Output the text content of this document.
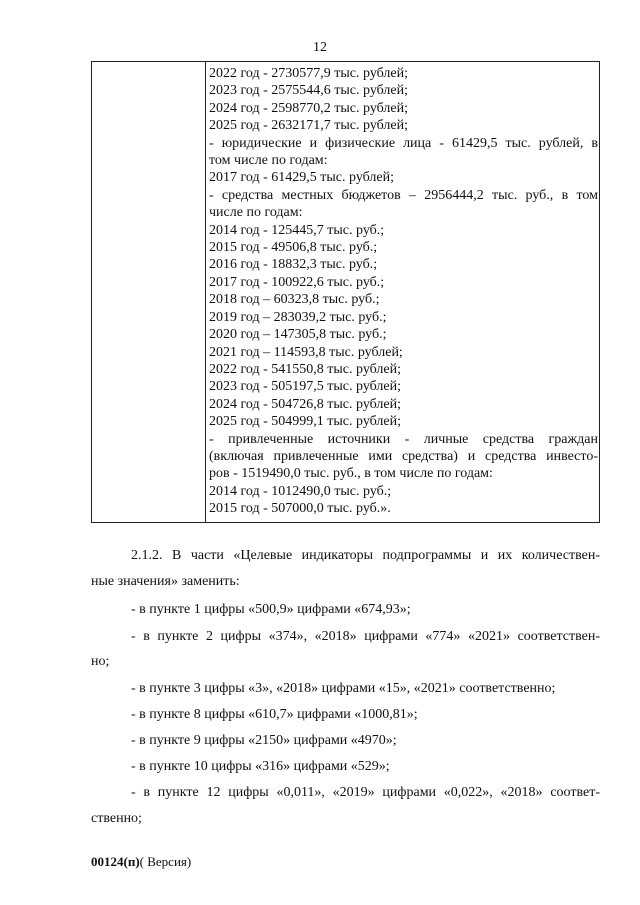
12
2022 год - 2730577,9 тыс. рублей;
2023 год - 2575544,6 тыс. рублей;
2024 год - 2598770,2 тыс. рублей;
2025 год - 2632171,7 тыс. рублей;
- юридические и физические лица - 61429,5 тыс. рублей, в
том числе по годам:
2017 год - 61429,5 тыс. рублей;
- средства местных бюджетов – 2956444,2 тыс. руб., в том
числе по годам:
2014 год - 125445,7 тыс. руб.;
2015 год - 49506,8 тыс. руб.;
2016 год - 18832,3 тыс. руб.;
2017 год - 100922,6 тыс. руб.;
2018 год – 60323,8 тыс. руб.;
2019 год – 283039,2 тыс. руб.;
2020 год – 147305,8 тыс. руб.;
2021 год – 114593,8 тыс. рублей;
2022 год - 541550,8 тыс. рублей;
2023 год - 505197,5 тыс. рублей;
2024 год - 504726,8 тыс. рублей;
2025 год - 504999,1 тыс. рублей;
- привлеченные источники - личные средства граждан
(включая привлеченные ими средства) и средства инвесто-
ров - 1519490,0 тыс. руб., в том числе по годам:
2014 год - 1012490,0 тыс. руб.;
2015 год - 507000,0 тыс. руб.».
2.1.2. В части «Целевые индикаторы подпрограммы и их количествен-
ные значения» заменить:
- в пункте 1 цифры «500,9» цифрами «674,93»;
- в пункте 2 цифры «374», «2018» цифрами «774» «2021» соответствен-
но;
- в пункте 3 цифры «3», «2018» цифрами «15», «2021» соответственно;
- в пункте 8 цифры «610,7» цифрами «1000,81»;
- в пункте 9 цифры «2150» цифрами «4970»;
- в пункте 10 цифры «316» цифрами «529»;
- в пункте 12 цифры «0,011», «2019» цифрами «0,022», «2018» соответ-
ственно;
00124(п)( Версия)
